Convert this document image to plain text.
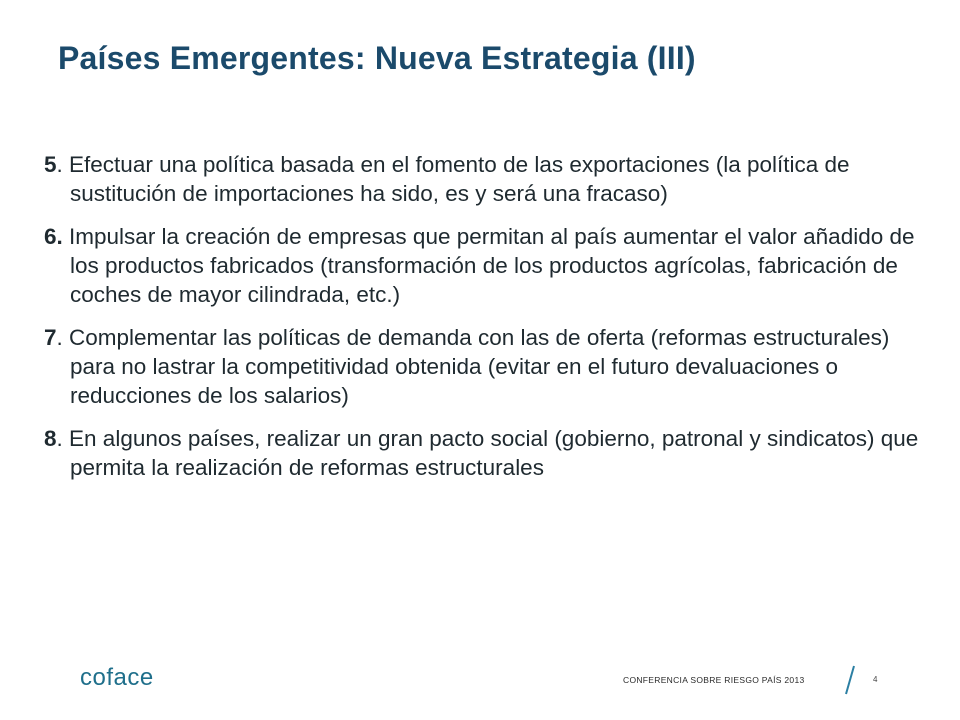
Países Emergentes: Nueva Estrategia (III)
5. Efectuar una política basada en el fomento de las exportaciones (la política de sustitución de importaciones ha sido, es y será una fracaso)
6. Impulsar la creación de empresas que permitan al país aumentar el valor añadido de los productos fabricados (transformación de los productos agrícolas, fabricación de coches de mayor cilindrada, etc.)
7. Complementar las políticas de demanda con las de oferta (reformas estructurales) para no lastrar la competitividad obtenida (evitar en el futuro devaluaciones o reducciones de los salarios)
8. En algunos países, realizar un gran pacto social (gobierno, patronal y sindicatos) que permita la realización de reformas estructurales
coface	CONFERENCIA SOBRE RIESGO PAÍS 2013	4
